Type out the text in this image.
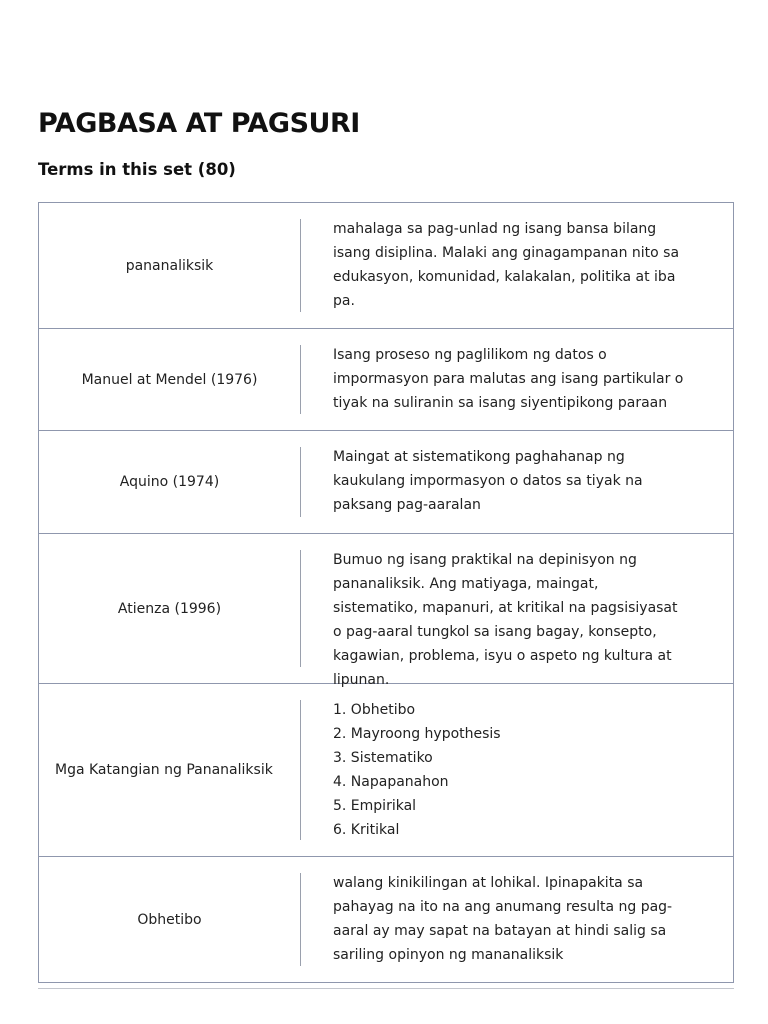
PAGBASA AT PAGSURI
Terms in this set (80)
pananaliksik
mahalaga sa pag-unlad ng isang bansa bilang isang disiplina. Malaki ang ginagampanan nito sa edukasyon, komunidad, kalakalan, politika at iba pa.
Manuel at Mendel (1976)
Isang proseso ng paglilikom ng datos o impormasyon para malutas ang isang partikular o tiyak na suliranin sa isang siyentipikong paraan
Aquino (1974)
Maingat at sistematikong paghahanap ng kaukulang impormasyon o datos sa tiyak na paksang pag-aaralan
Atienza (1996)
Bumuo ng isang praktikal na depinisyon ng pananaliksik. Ang matiyaga, maingat, sistematiko, mapanuri, at kritikal na pagsisiyasat o pag-aaral tungkol sa isang bagay, konsepto, kagawian, problema, isyu o aspeto ng kultura at lipunan.
Mga Katangian ng Pananaliksik
1. Obhetibo
2. Mayroong hypothesis
3. Sistematiko
4. Napapanahon
5. Empirikal
6. Kritikal
Obhetibo
walang kinikilingan at lohikal. Ipinapakita sa pahayag na ito na ang anumang resulta ng pag-aaral ay may sapat na batayan at hindi salig sa sariling opinyon ng mananaliksik
